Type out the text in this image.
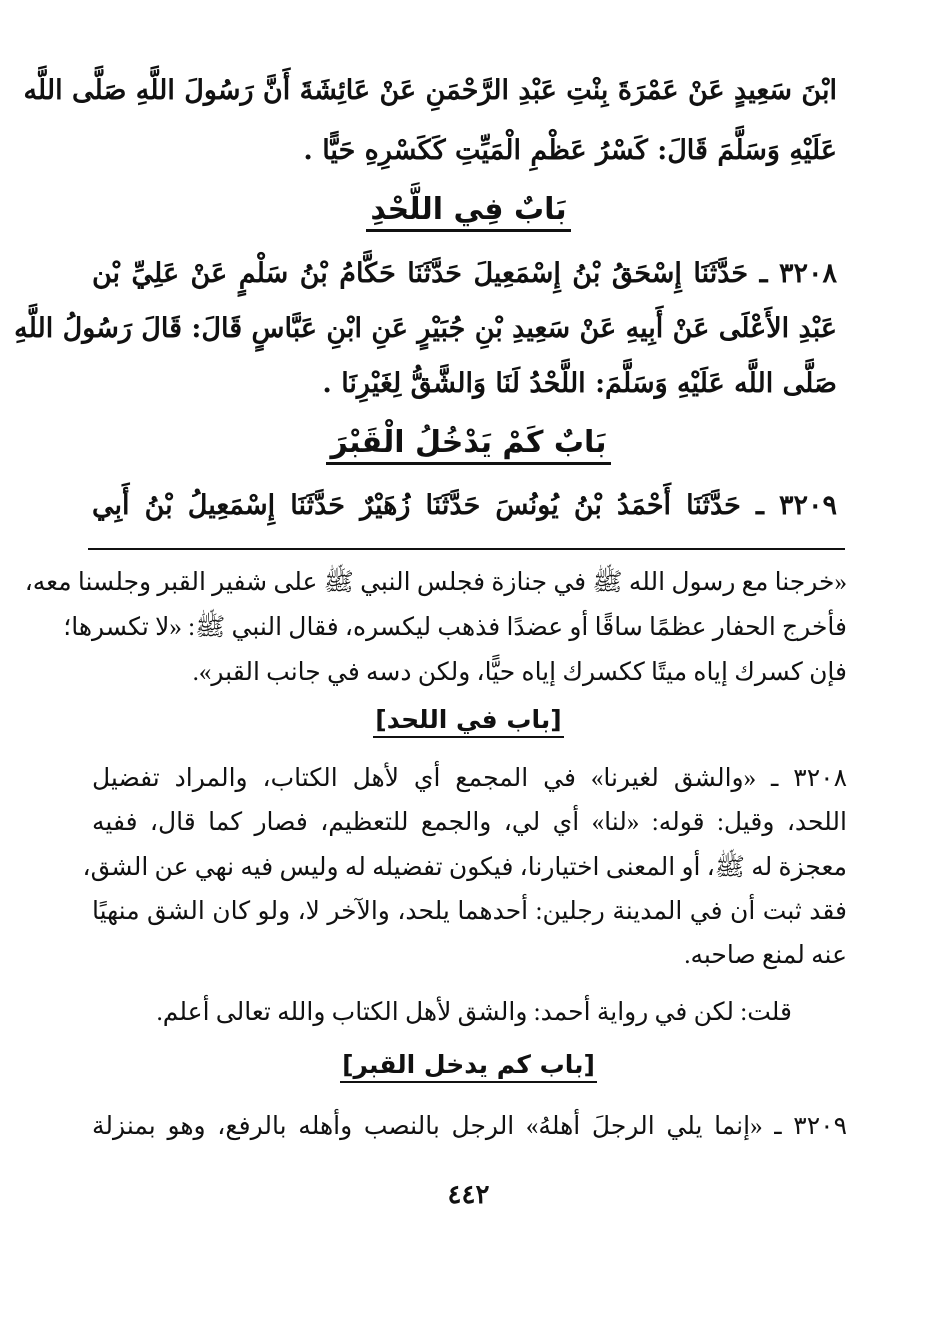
ابْنَ سَعِيدٍ عَنْ عَمْرَةَ بِنْتِ عَبْدِ الرَّحْمَنِ عَنْ عَائِشَةَ أَنَّ رَسُولَ اللَّهِ صَلَّى اللَّه
عَلَيْهِ وَسَلَّمَ قَالَ: كَسْرُ عَظْمِ الْمَيِّتِ كَكَسْرِهِ حَيًّا .
بَابٌ فِي اللَّحْدِ
٣٢٠٨ ـ حَدَّثَنَا إِسْحَقُ بْنُ إِسْمَعِيلَ حَدَّثَنَا حَكَّامُ بْنُ سَلْمٍ عَنْ عَلِيِّ بْن
عَبْدِ الأَعْلَى عَنْ أَبِيهِ عَنْ سَعِيدِ بْنِ جُبَيْرٍ عَنِ ابْنِ عَبَّاسٍ قَالَ: قَالَ رَسُولُ اللَّهِ
صَلَّى اللَّه عَلَيْهِ وَسَلَّمَ: اللَّحْدُ لَنَا وَالشَّقُّ لِغَيْرِنَا .
بَابٌ كَمْ يَدْخُلُ الْقَبْرَ
٣٢٠٩ ـ حَدَّثَنَا أَحْمَدُ بْنُ يُونُسَ حَدَّثَنَا زُهَيْرٌ حَدَّثَنَا إِسْمَعِيلُ بْنُ أَبِي
«خرجنا مع رسول الله ﷺ في جنازة فجلس النبي ﷺ على شفير القبر وجلسنا معه،
فأخرج الحفار عظمًا ساقًا أو عضدًا فذهب ليكسره، فقال النبي ﷺ: «لا تكسرها؛
فإن كسرك إياه ميتًا ككسرك إياه حيًّا، ولكن دسه في جانب القبر».
[باب في اللحد]
٣٢٠٨ ـ «والشق لغيرنا» في المجمع أي لأهل الكتاب، والمراد تفضيل
اللحد، وقيل: قوله: «لنا» أي لي، والجمع للتعظيم، فصار كما قال، ففيه
معجزة له ﷺ، أو المعنى اختيارنا، فيكون تفضيله له وليس فيه نهي عن الشق،
فقد ثبت أن في المدينة رجلين: أحدهما يلحد، والآخر لا، ولو كان الشق منهيًا
عنه لمنع صاحبه.
قلت: لكن في رواية أحمد: والشق لأهل الكتاب والله تعالى أعلم.
[باب كم يدخل القبر]
٣٢٠٩ ـ «إنما يلي الرجلَ أهلهُ» الرجل بالنصب وأهله بالرفع، وهو بمنزلة
٤٤٢
